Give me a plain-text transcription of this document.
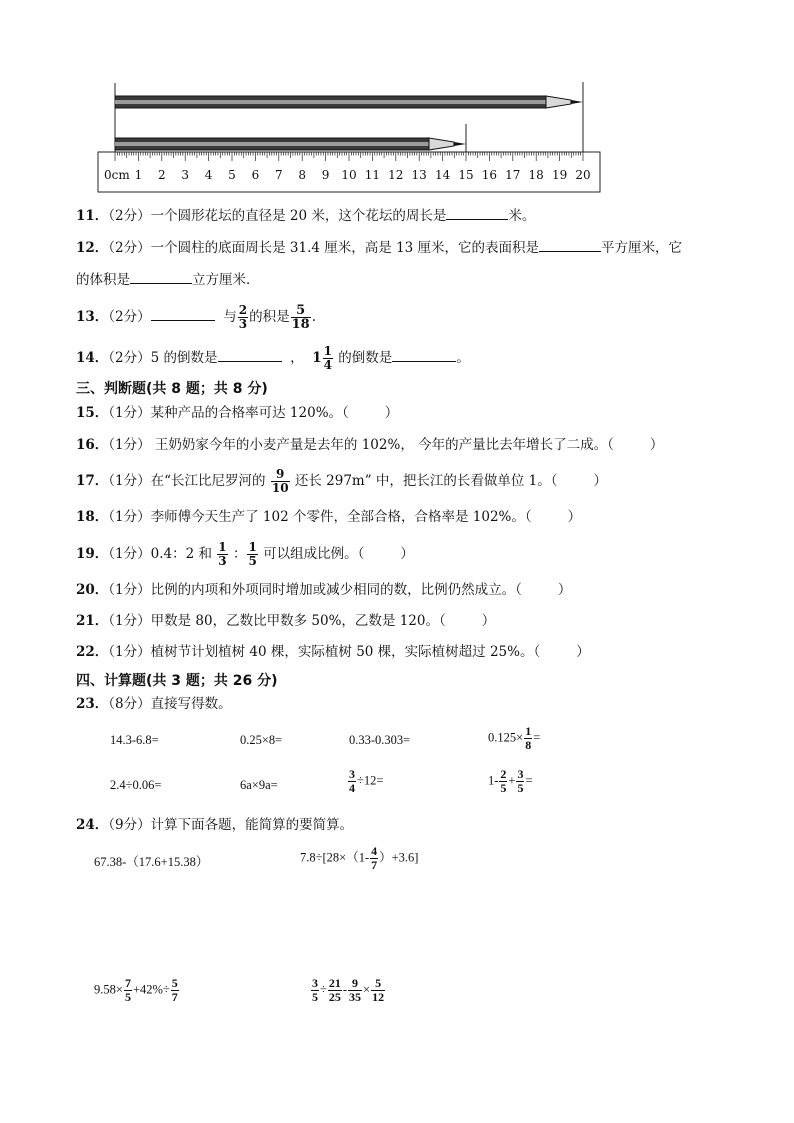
0cm 1 2 3 4 5 6 7 8 9 10 11 12 13 14 15 16 17 18 19 20
11．（2分）一个圆形花坛的直径是 20 米，这个花坛的周长是	米。
12．（2分）一个圆柱的底面周长是 31.4 厘米，高是 13 厘米，它的表面积是	平方厘米，它
的体积是	立方厘米．
13．（2分）	与 $\frac{2}{3}$ 的积是 $\frac{5}{18}$ .
14．（2分）5 的倒数是	， $1 \frac{1}{4}$ 的倒数是	。
三、判断题(共 8 题；共 8 分)
15．（1分）某种产品的合格率可达 120%。（	）
16．（1分） 王奶奶家今年的小麦产量是去年的 102%， 今年的产量比去年增长了二成。（	）
17．（1分）在“长江比尼罗河的 $\frac{9}{10}$ 还长 297m” 中，把长江的长看做单位 1。（	）
18．（1分）李师傅今天生产了 102 个零件，全部合格，合格率是 102%。（	）
19．（1分）0.4：2 和 $\frac{1}{3}$ ： $\frac{1}{5}$ 可以组成比例。（	）
20．（1分）比例的内项和外项同时增加或减少相同的数，比例仍然成立。（	）
21．（1分）甲数是 80，乙数比甲数多 50%，乙数是 120。（	）
22．（1分）植树节计划植树 40 棵，实际植树 50 棵，实际植树超过 25%。（	）
四、计算题(共 3 题；共 26 分)
23．（8分）直接写得数。
14.3-6.8=	0.25×8=	0.33-0.303=	$0.125\times \frac{1}{8}$ =
2.4÷0.06=	6a×9a=	$\frac{3}{4} \div 12=$	$1- \frac{2}{5} + \frac{3}{5}$ =
24．（9分）计算下面各题，能简算的要简算。
67.38-（17.6+15.38）	$7.8\div[28\times(1- \frac{4}{7} )+3.6]$
$9.58\times \frac{7}{5} +42\%\div \frac{5}{7}$	$\frac{3}{5} \div \frac{21}{25} - \frac{9}{35} \times \frac{5}{12}$
